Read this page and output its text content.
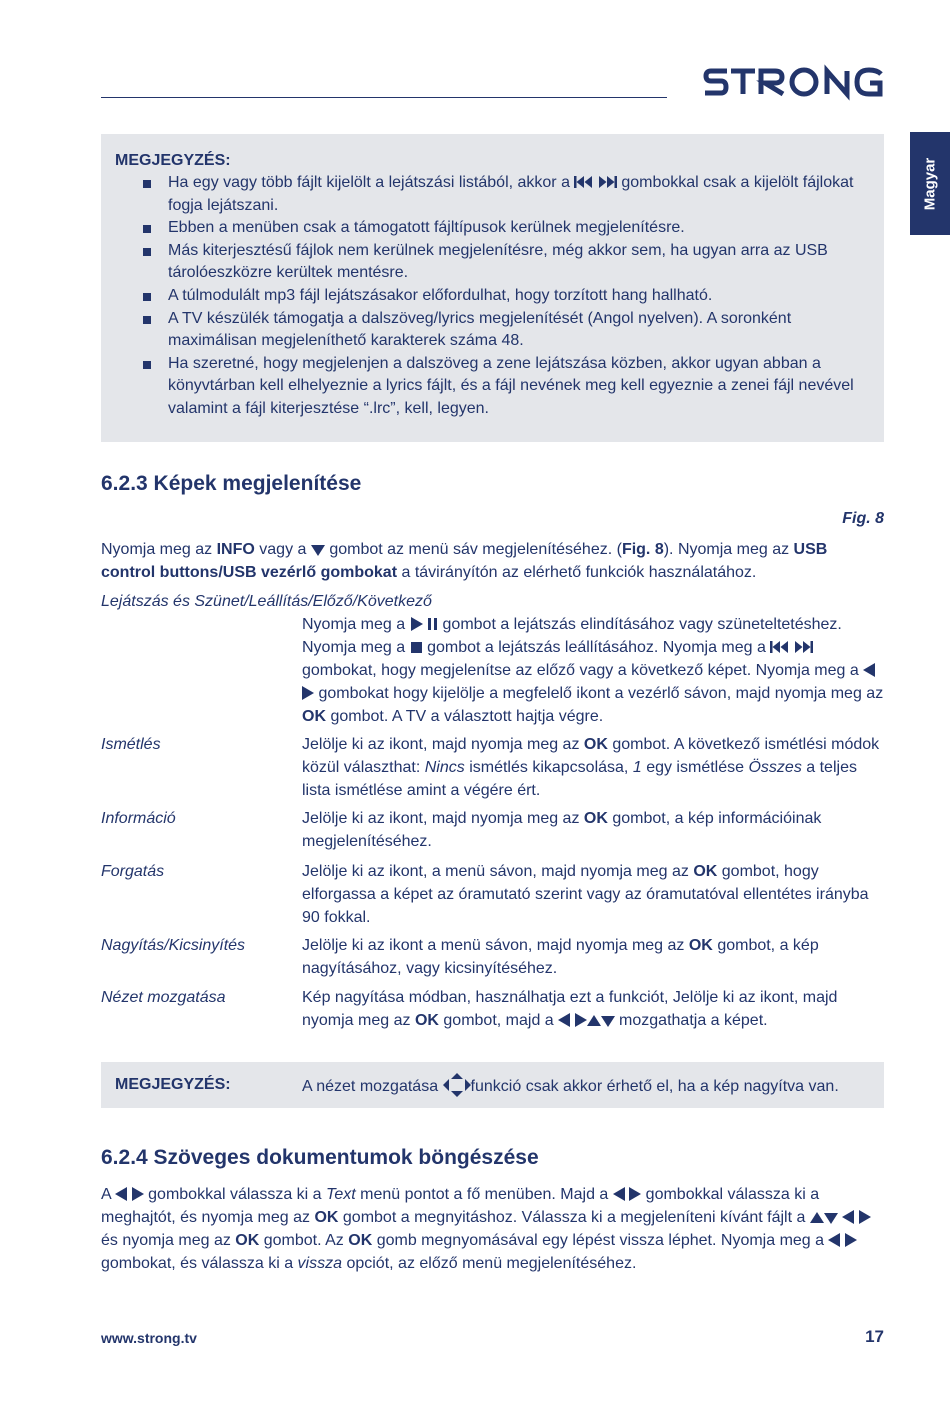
Magyar
MEGJEGYZÉS:
Ha egy vagy több fájlt kijelölt a lejátszási listából, akkor a	gombokkal csak a kijelölt fájlokat fogja lejátszani.
Ebben a menüben csak a támogatott fájltípusok kerülnek megjelenítésre.
Más kiterjesztésű fájlok nem kerülnek megjelenítésre, még akkor sem, ha ugyan arra az USB tárolóeszközre kerültek mentésre.
A túlmodulált mp3 fájl lejátszásakor előfordulhat, hogy torzított hang hallható.
A TV készülék támogatja a dalszöveg/lyrics megjelenítését (Angol nyelven). A soronként maximálisan megjeleníthető karakterek száma 48.
Ha szeretné, hogy megjelenjen a dalszöveg a zene lejátszása közben, akkor ugyan abban a könyvtárban kell elhelyeznie a lyrics fájlt, és a fájl nevének meg kell egyeznie a zenei fájl nevével valamint a fájl kiterjesztése “.lrc”, kell, legyen.
6.2.3 Képek megjelenítése
Fig. 8
Nyomja meg az INFO vagy a gombot az menü sáv megjelenítéséhez. (Fig. 8). Nyomja meg az USB control buttons/USB vezérlő gombokat a távirányítón az elérhető funkciók használatához.
Lejátszás és Szünet/Leállítás/Előző/Következő
Nyomja meg a gombot a lejátszás elindításához vagy szüneteltetéshez. Nyomja meg a gombot a lejátszás leállításához. Nyomja meg a   gombokat, hogy megjelenítse az előző vagy a következő képet. Nyomja meg a   gombokat hogy kijelölje a megfelelő ikont a vezérlő sávon, majd nyomja meg az OK gombot. A TV a választott hajtja végre.
Ismétlés	Jelölje ki az ikont, majd nyomja meg az OK gombot. A következő ismétlési módok közül választhat: Nincs ismétlés kikapcsolása, 1 egy ismétlése Összes a teljes lista ismétlése amint a végére ért.
Információ	Jelölje ki az ikont, majd nyomja meg az OK gombot, a kép információinak megjelenítéséhez.
Forgatás	Jelölje ki az ikont, a menü sávon, majd nyomja meg az OK gombot, hogy elforgassa a képet az óramutató szerint vagy az óramutatóval ellentétes irányba 90 fokkal.
Nagyítás/Kicsinyítés	Jelölje ki az ikont a menü sávon, majd nyomja meg az OK gombot, a kép nagyításához, vagy kicsinyítéséhez.
Nézet mozgatása	Kép nagyítása módban, használhatja ezt a funkciót, Jelölje ki az ikont, majd nyomja meg az OK gombot, majd a	mozgathatja a képet.
MEGJEGYZÉS:	A nézet mozgatása funkció csak akkor érhető el, ha a kép nagyítva van.
6.2.4 Szöveges dokumentumok böngészése
A gombokkal válassza ki a Text menü pontot a fő menüben. Majd a gombokkal válassza ki a meghajtót, és nyomja meg az OK gombot a megnyitáshoz. Válassza ki a megjeleníteni kívánt fájlt a    és nyomja meg az OK gombot. Az OK gomb megnyomásával egy lépést vissza léphet. Nyomja meg a   gombokat, és válassza ki a vissza opciót, az előző menü megjelenítéséhez.
www.strong.tv	17
